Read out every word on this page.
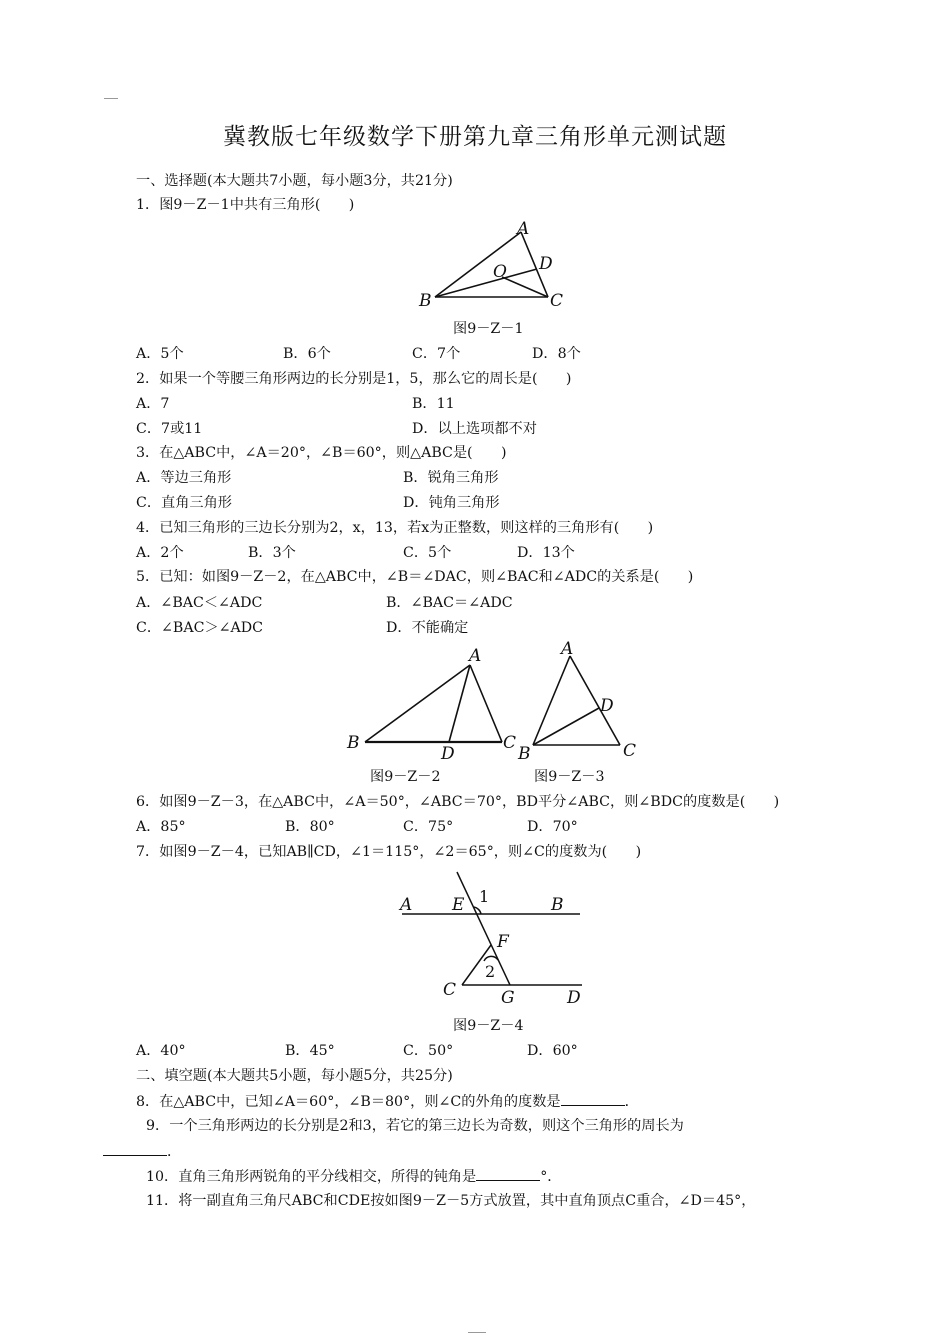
冀教版七年级数学下册第九章三角形单元测试题
一、选择题(本大题共7小题，每小题3分，共21分)
1．图9－Z－1中共有三角形(　　)
A
B	C
D
O
图9－Z－1
A．5个	B．6个	C．7个	D．8个
2．如果一个等腰三角形两边的长分别是1，5，那么它的周长是(　　)
A．7	B．11
C．7或11	D．以上选项都不对
3．在△ABC中，∠A＝20°，∠B＝60°，则△ABC是(　　)
A．等边三角形	B．锐角三角形
C．直角三角形	D．钝角三角形
4．已知三角形的三边长分别为2，x，13，若x为正整数，则这样的三角形有(　　)
A．2个	B．3个	C．5个	D．13个
5．已知：如图9－Z－2，在△ABC中，∠B＝∠DAC，则∠BAC和∠ADC的关系是(　　)
A．∠BAC＜∠ADC	B．∠BAC＝∠ADC
C．∠BAC＞∠ADC	D．不能确定
A
B	C
D
A
B	C
D
图9－Z－2	图9－Z－3
6．如图9－Z－3，在△ABC中，∠A＝50°，∠ABC＝70°，BD平分∠ABC，则∠BDC的度数是(　　)
A．85°	B．80°	C．75°	D．70°
7．如图9－Z－4，已知AB∥CD，∠1＝115°，∠2＝65°，则∠C的度数为(　　)
A E	B
1
F
2
C	G	D
图9－Z－4
A．40°	B．45°	C．50°	D．60°
二、填空题(本大题共5小题，每小题5分，共25分)
8．在△ABC中，已知∠A＝60°，∠B＝80°，则∠C的外角的度数是	．
9．一个三角形两边的长分别是2和3，若它的第三边长为奇数，则这个三角形的周长为
．
10．直角三角形两锐角的平分线相交，所得的钝角是	°．
11．将一副直角三角尺ABC和CDE按如图9－Z－5方式放置，其中直角顶点C重合，∠D＝45°，
